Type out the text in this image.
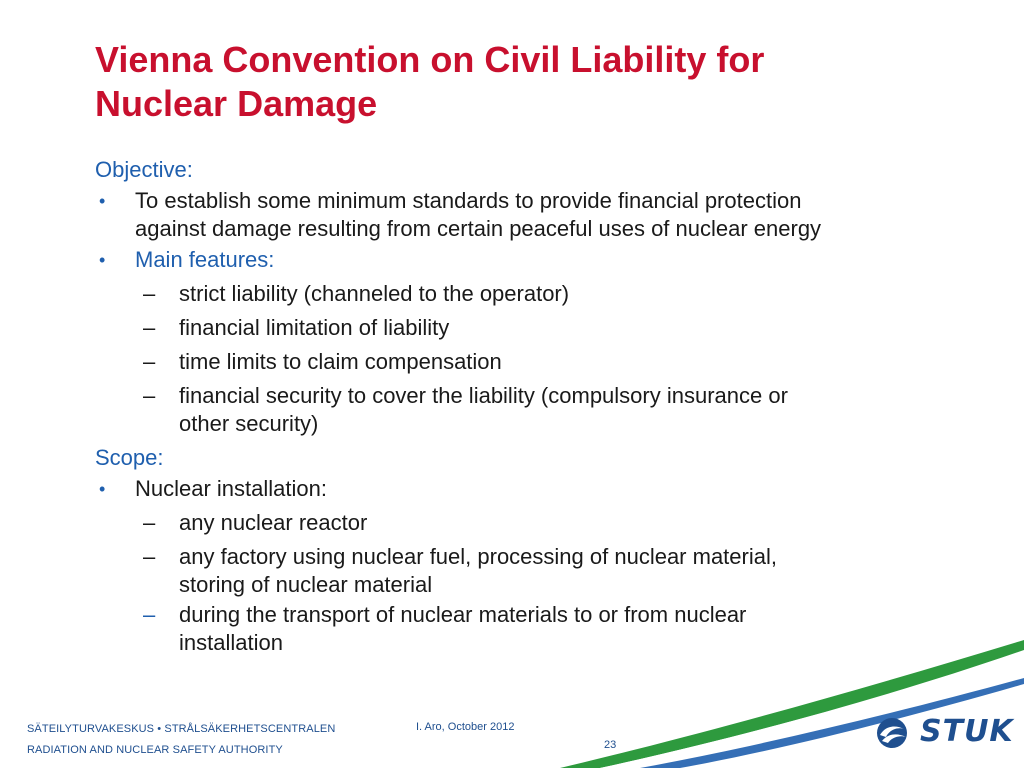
Vienna Convention on Civil Liability for
Nuclear Damage

Objective:

• To establish some minimum standards to provide financial protection
against damage resulting from certain peaceful uses of nuclear energy
• Main features:
– strict liability (channeled to the operator)
– financial limitation of liability
– time limits to claim compensation
– financial security to cover the liability (compulsory insurance or
other security)

Scope:

• Nuclear installation:
– any nuclear reactor
– any factory using nuclear fuel, processing of nuclear material,
storing of nuclear material
– during the transport of nuclear materials to or from nuclear
installation
SÄTEILYTURVAKESKUS • STRÅLSÄKERHETSCENTRALEN
RADIATION AND NUCLEAR SAFETY AUTHORITY
I. Aro, October 2012
23	STUK
